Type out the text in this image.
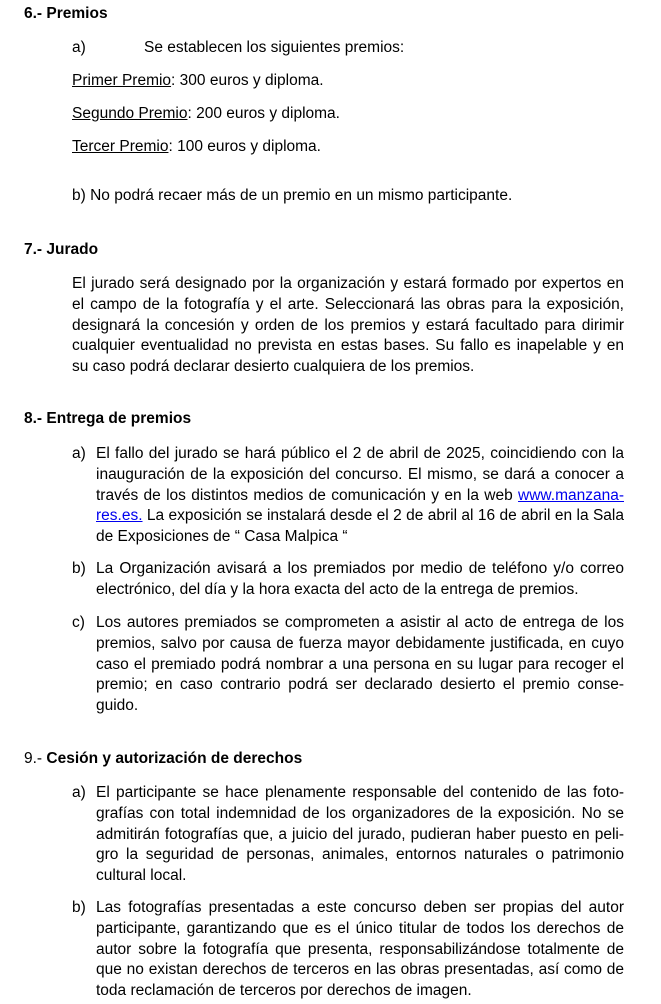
6.- Premios

a)	Se establecen los siguientes premios:

Primer Premio: 300 euros y diploma.

Segundo Premio: 200 euros y diploma.

Tercer Premio: 100 euros y diploma.

b) No podrá recaer más de un premio en un mismo participante.

7.- Jurado

El jurado será designado por la organización y estará formado por expertos en el campo de la fotografía y el arte. Seleccionará las obras para la exposición, designará la concesión y orden de los premios y estará facultado para dirimir cualquier eventualidad no prevista en estas bases. Su fallo es inapelable y en su caso podrá declarar desierto cualquiera de los premios.

8.- Entrega de premios

a) El fallo del jurado se hará público el 2 de abril de 2025, coincidiendo con la inauguración de la exposición del concurso. El mismo, se dará a conocer a través de los distintos medios de comunicación y en la web www.manzana-res.es. La exposición se instalará desde el 2 de abril al 16 de abril en la Sala de Exposiciones de “ Casa Malpica “

b) La Organización avisará a los premiados por medio de teléfono y/o correo electrónico, del día y la hora exacta del acto de la entrega de premios.

c) Los autores premiados se comprometen a asistir al acto de entrega de los premios, salvo por causa de fuerza mayor debidamente justificada, en cuyo caso el premiado podrá nombrar a una persona en su lugar para recoger el premio; en caso contrario podrá ser declarado desierto el premio conse-guido.

9.- Cesión y autorización de derechos

a) El participante se hace plenamente responsable del contenido de las foto-grafías con total indemnidad de los organizadores de la exposición. No se admitirán fotografías que, a juicio del jurado, pudieran haber puesto en peli-gro la seguridad de personas, animales, entornos naturales o patrimonio cultural local.

b) Las fotografías presentadas a este concurso deben ser propias del autor participante, garantizando que es el único titular de todos los derechos de autor sobre la fotografía que presenta, responsabilizándose totalmente de que no existan derechos de terceros en las obras presentadas, así como de toda reclamación de terceros por derechos de imagen.
